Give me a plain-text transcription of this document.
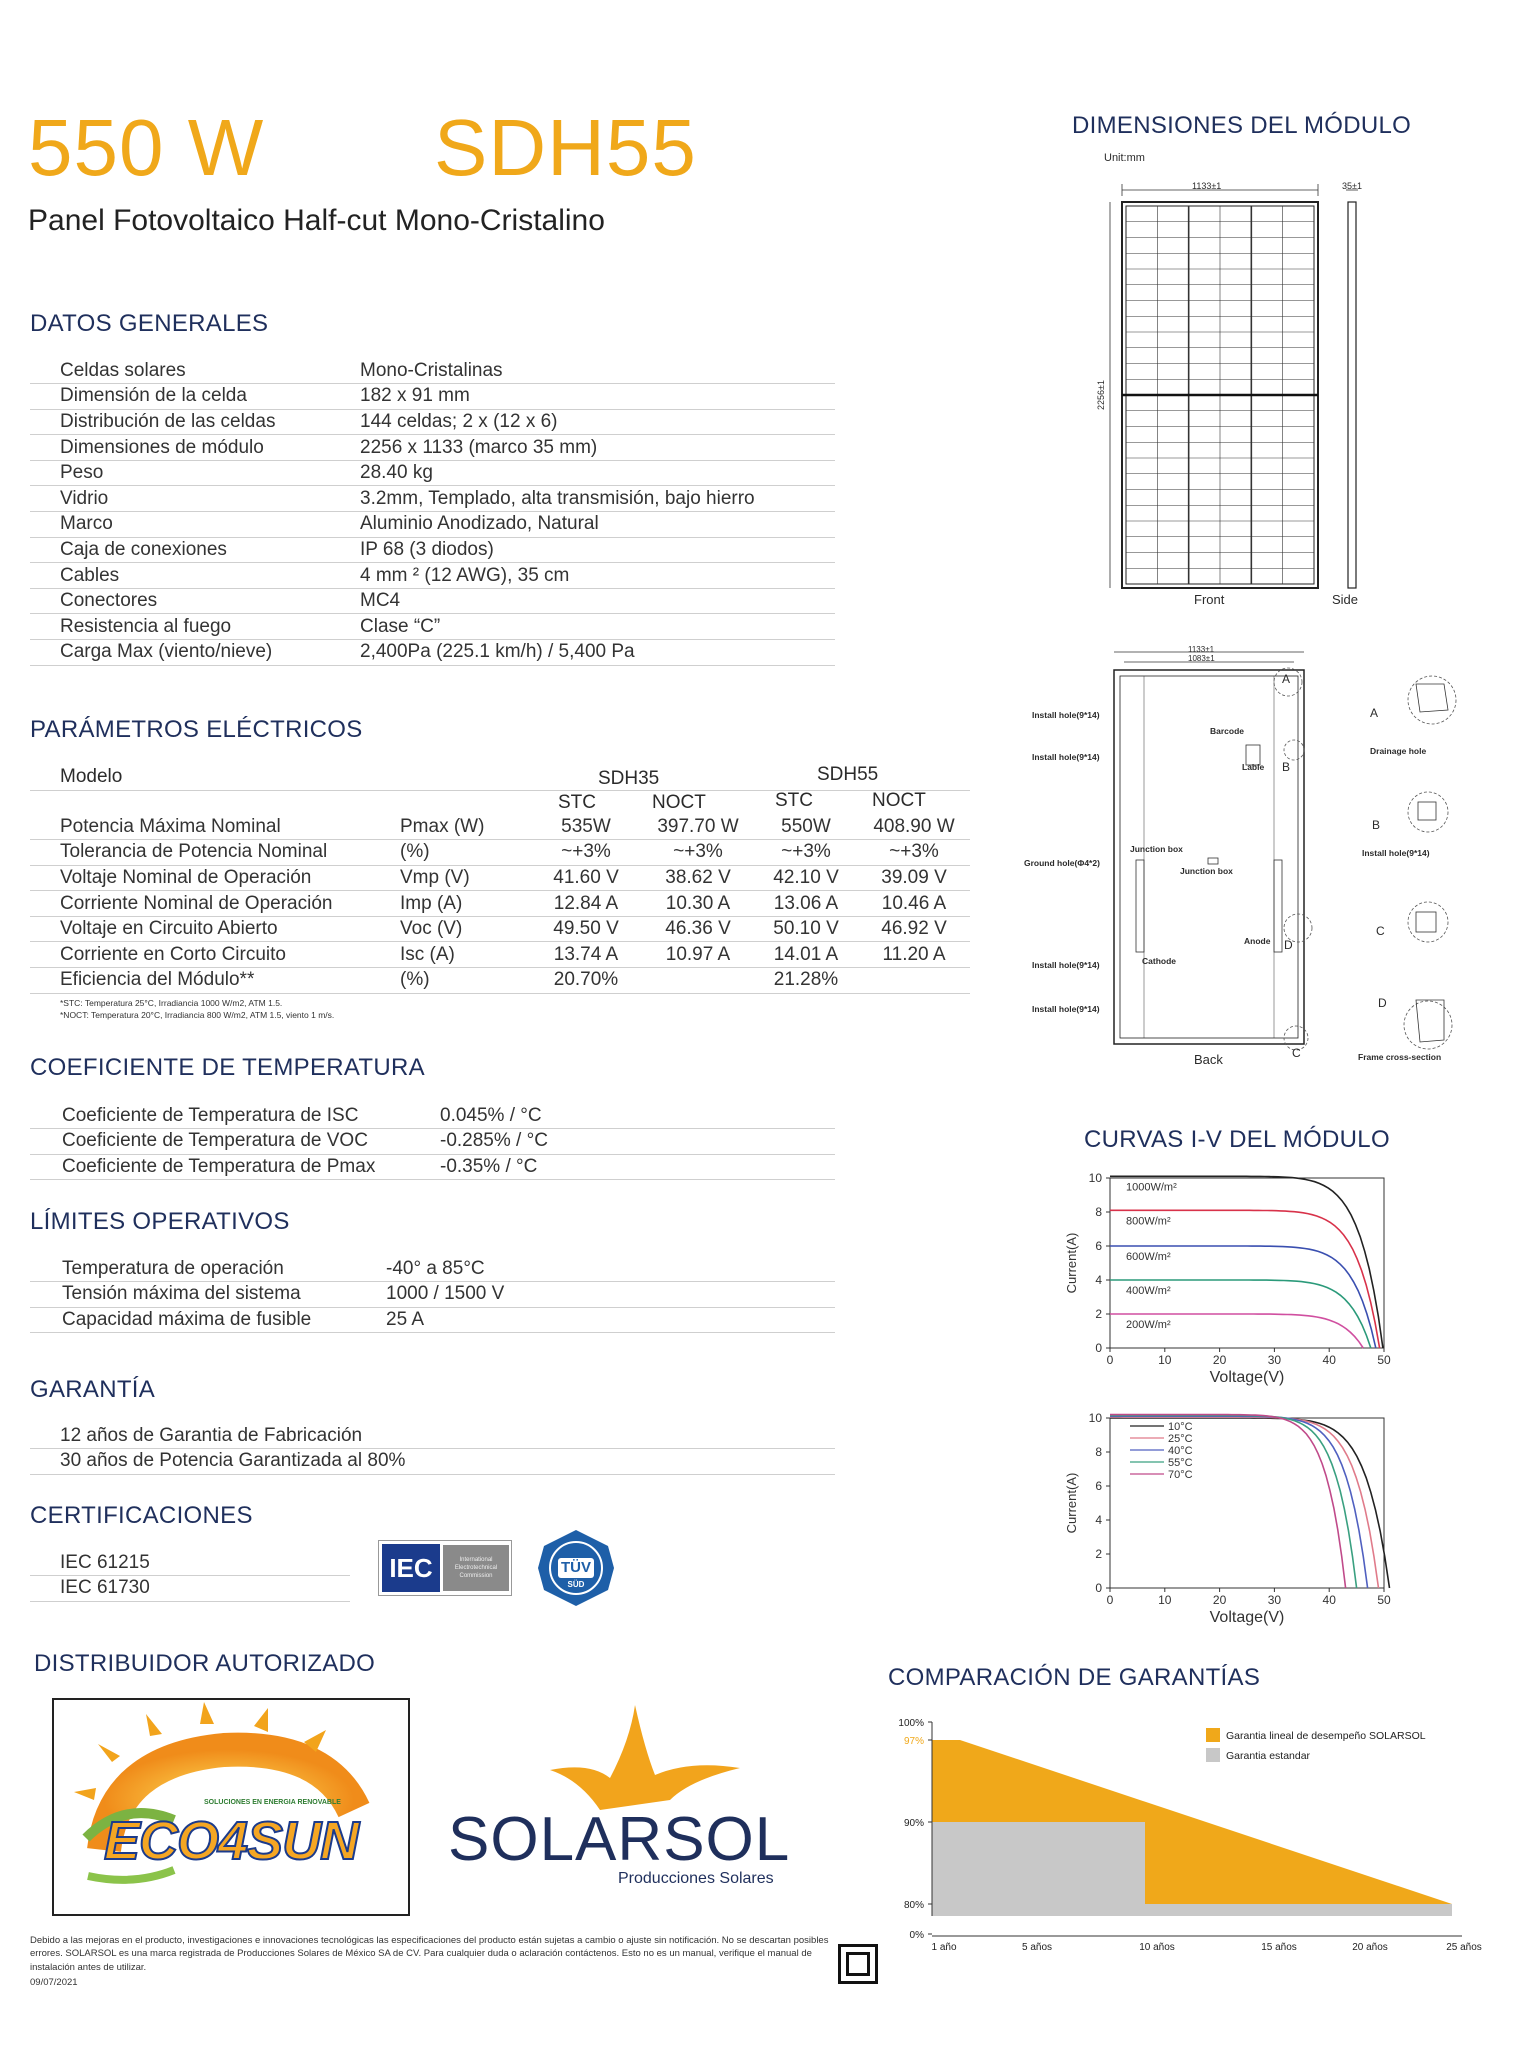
550 W SDH55
Panel Fotovoltaico Half-cut Mono-Cristalino
DATOS GENERALES
Celdas solares	Mono-Cristalinas
Dimensión de la celda	182 x 91 mm
Distribución de las celdas	144 celdas; 2 x (12 x 6)
Dimensiones de módulo	2256 x 1133 (marco 35 mm)
Peso	28.40 kg
Vidrio	3.2mm, Templado, alta transmisión, bajo hierro
Marco	Aluminio Anodizado, Natural
Caja de conexiones	IP 68 (3 diodos)
Cables	4 mm ² (12 AWG), 35 cm
Conectores	MC4
Resistencia al fuego	Clase “C”
Carga Max (viento/nieve)	2,400Pa (225.1 km/h) / 5,400 Pa
PARÁMETROS ELÉCTRICOS
Modelo	SDH35	SDH55
STC	NOCT	STC	NOCT
Potencia Máxima Nominal	Pmax (W)	535W	397.70 W	550W	408.90 W
Tolerancia de Potencia Nominal	(%)	~+3%	~+3%	~+3%	~+3%
Voltaje Nominal de Operación	Vmp (V)	41.60 V	38.62 V	42.10 V	39.09 V
Corriente Nominal de Operación	Imp (A)	12.84 A	10.30 A	13.06 A	10.46 A
Voltaje en Circuito Abierto	Voc (V)	49.50 V	46.36 V	50.10 V	46.92 V
Corriente en Corto Circuito	Isc (A)	13.74 A	10.97 A	14.01 A	11.20 A
Eficiencia del Módulo**	(%)	20.70%		21.28%	
*STC: Temperatura 25°C, Irradiancia 1000 W/m2, ATM 1.5.
*NOCT: Temperatura 20°C, Irradiancia 800 W/m2, ATM 1.5, viento 1 m/s.
COEFICIENTE DE TEMPERATURA
Coeficiente de Temperatura de ISC	0.045% / °C
Coeficiente de Temperatura de VOC	-0.285% / °C
Coeficiente de Temperatura de Pmax	-0.35% / °C
LÍMITES OPERATIVOS
Temperatura de operación	-40° a 85°C
Tensión máxima del sistema	1000 / 1500 V
Capacidad máxima de fusible	25 A
GARANTÍA
12 años de Garantia de Fabricación
30 años de Potencia Garantizada al 80%
CERTIFICACIONES
IEC 61215
IEC 61730
IEC	International Electrotechnical Commission	TÜV
SÜD
DISTRIBUIDOR AUTORIZADO
SOLUCIONES EN ENERGIA RENOVABLE
ECO4SUN SOLARSOL
Producciones Solares
Debido a las mejoras en el producto, investigaciones e innovaciones tecnológicas las especificaciones del producto están sujetas a cambio o ajuste sin notificación. No se descartan posibles errores. SOLARSOL es una marca registrada de Producciones Solares de México SA de CV. Para cualquier duda o aclaración contáctenos. Esto no es un manual, verifique el manual de instalación antes de utilizar.
09/07/2021
DIMENSIONES DEL MÓDULO
Unit:mm
1133±1	35±1
2256±1
Front	Side
1133±1
1083±1
Install hole(9*14)
Install hole(9*14)
Ground hole(Φ4*2)
Install hole(9*14)
Install hole(9*14)
Barcode
Lable
Junction box
Junction box
Anode
Cathode
A
B
D
C
Back
A
Drainage hole
B
Install hole(9*14)
C
D
Frame cross-section
CURVAS I-V DEL MÓDULO
0
2
4
6
8
10
0	10	20	30	40	50
Voltage(V)
Current(A)
1000W/m²
800W/m²
600W/m²
400W/m²
200W/m²
0
2
4
6
8
10
0	10	20	30	40	50
Voltage(V)
Current(A)
10°C
25°C
40°C
55°C
70°C
COMPARACIÓN DE GARANTÍAS
100%
97%
90%
80%
0%
1 año	5 años	10 años	15 años	20 años	25 años
Garantia lineal de desempeño SOLARSOL
Garantia estandar
